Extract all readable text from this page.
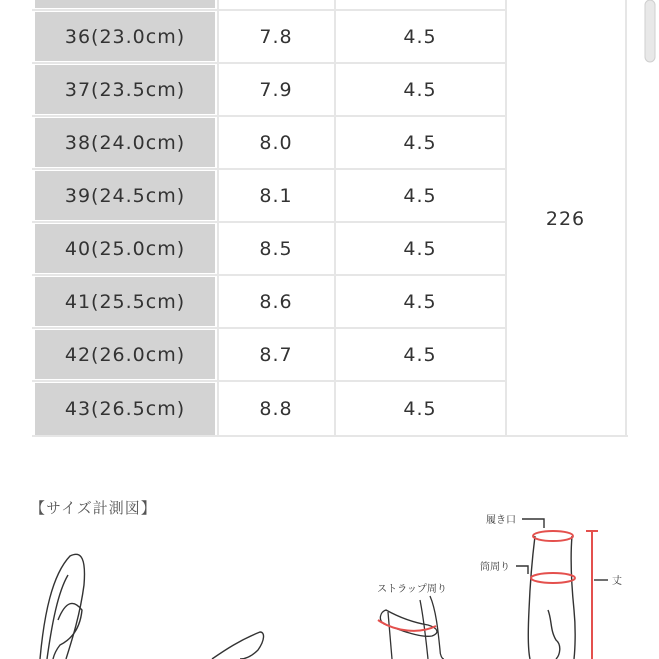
36(23.0cm)	7.8	4.5
37(23.5cm)	7.9	4.5
38(24.0cm)	8.0	4.5
39(24.5cm)	8.1	4.5
40(25.0cm)	8.5	4.5
41(25.5cm)	8.6	4.5
42(26.0cm)	8.7	4.5
43(26.5cm)	8.8	4.5
226
【サイズ計測図】
ストラップ周り
履き口
筒周り
丈
